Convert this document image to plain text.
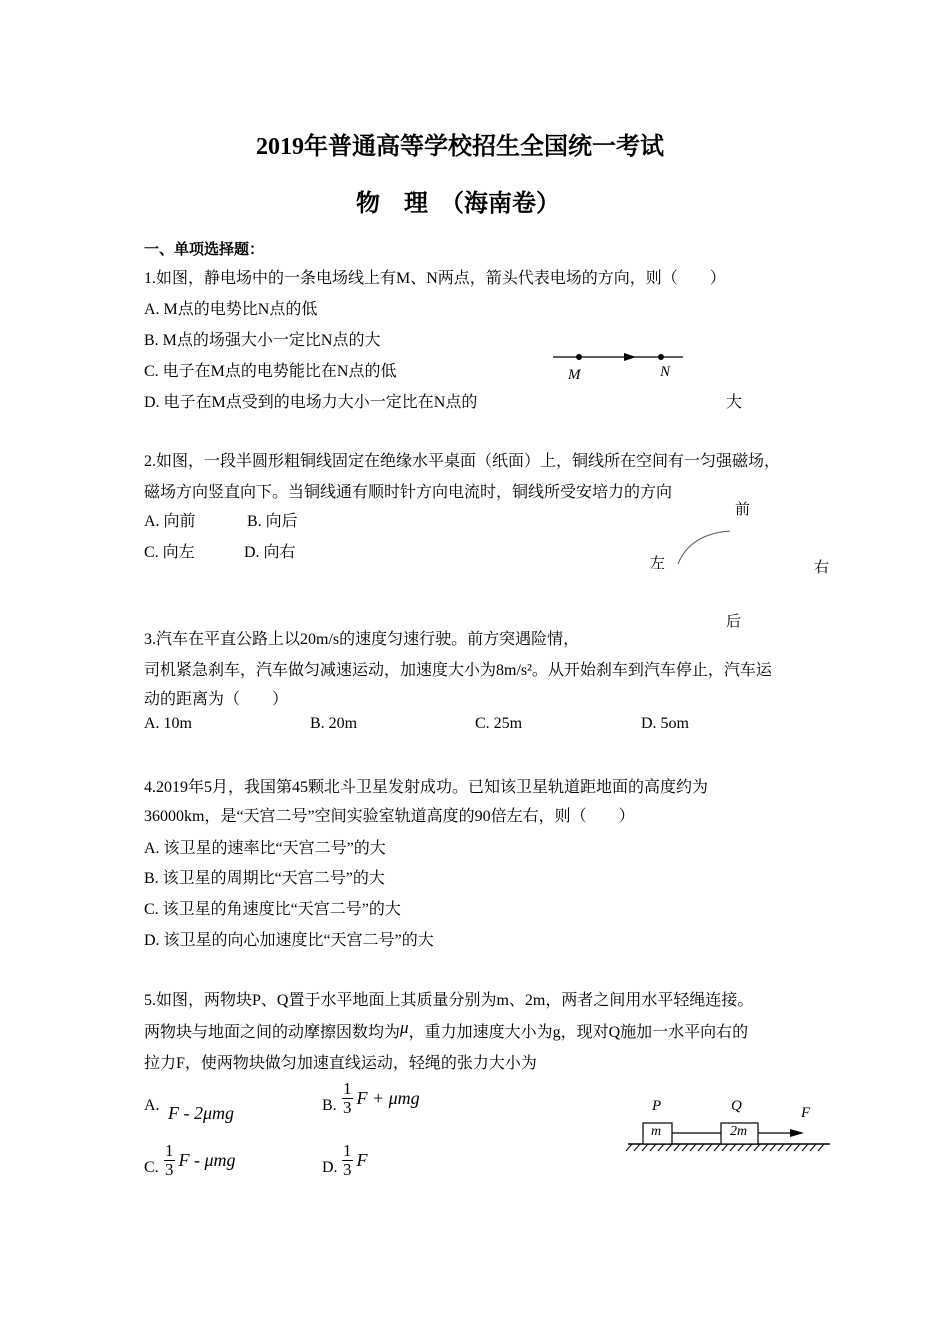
2019年普通高等学校招生全国统一考试
物　理　（海南卷）
一、单项选择题：
1.如图，静电场中的一条电场线上有M、N两点，箭头代表电场的方向，则（　　）
A. M点的电势比N点的低
B. M点的场强大小一定比N点的大
C. 电子在M点的电势能比在N点的低
D. 电子在M点受到的电场力大小一定比在N点的	大
M	N
2.如图，一段半圆形粗铜线固定在绝缘水平桌面（纸面）上，铜线所在空间有一匀强磁场，
磁场方向竖直向下。当铜线通有顺时针方向电流时，铜线所受安培力的方向
A. 向前	B. 向后
C. 向左	D. 向右
前
左	右
后
3.汽车在平直公路上以20m/s的速度匀速行驶。前方突遇险情，
司机紧急刹车，汽车做匀减速运动，加速度大小为8m/s²。从开始刹车到汽车停止，汽车运
动的距离为（　　）
A. 10m	B. 20m	C. 25m	D. 5om
4.2019年5月，我国第45颗北斗卫星发射成功。已知该卫星轨道距地面的高度约为
36000km，是“天宫二号”空间实验室轨道高度的90倍左右，则（　　）
A. 该卫星的速率比“天宫二号”的大
B. 该卫星的周期比“天宫二号”的大
C. 该卫星的角速度比“天宫二号”的大
D. 该卫星的向心加速度比“天宫二号”的大
5.如图，两物块P、Q置于水平地面上其质量分别为m、2m，两者之间用水平轻绳连接。
两物块与地面之间的动摩擦因数均为μ，重力加速度大小为g，现对Q施加一水平向右的
拉力F，使两物块做匀加速直线运动，轻绳的张力大小为
A. F - 2μmg	B. $\frac{1}{3}$ F + μmg
C. $\frac{1}{3}$ F - μmg	D. $\frac{1}{3}$ F
P	Q	F
m	2m
